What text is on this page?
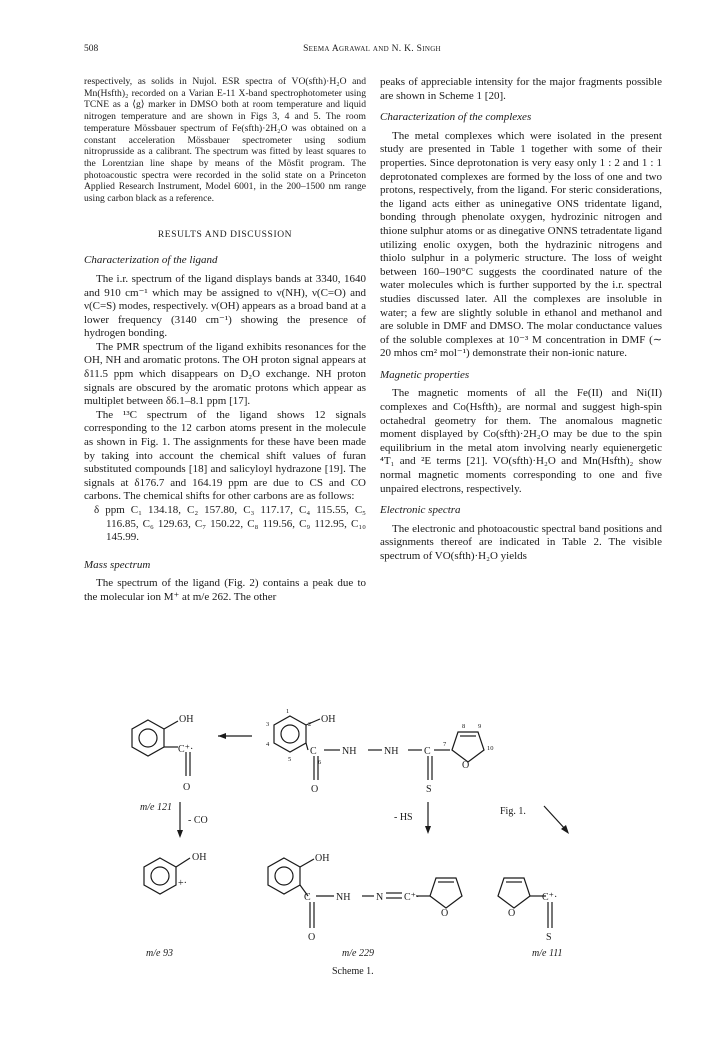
508	Seema Agrawal and N. K. Singh

respectively, as solids in Nujol. ESR spectra of VO(sfth)·H₂O and Mn(Hsfth)₂ recorded on a Varian E-11 X-band spectrophotometer using TCNE as a ⟨g⟩ marker in DMSO both at room temperature and liquid nitrogen temperature and are shown in Figs 3, 4 and 5. The room temperature Mössbauer spectrum of Fe(sfth)·2H₂O was obtained on a constant acceleration Mössbauer spectrometer using sodium nitroprusside as a calibrant. The spectrum was fitted by least squares to the Lorentzian line shape by means of the Mösfit program. The photoacoustic spectra were recorded in the solid state on a Princeton Applied Research Instrument, Model 6001, in the 200–1500 nm range using carbon black as a reference.

RESULTS AND DISCUSSION
Characterization of the ligand

The i.r. spectrum of the ligand displays bands at 3340, 1640 and 910 cm⁻¹ which may be assigned to ν(NH), ν(C=O) and ν(C=S) modes, respectively. ν(OH) appears as a broad band at a lower frequency (3140 cm⁻¹) showing the presence of hydrogen bonding.

The PMR spectrum of the ligand exhibits resonances for the OH, NH and aromatic protons. The OH proton signal appears at δ11.5 ppm which disappears on D₂O exchange. NH proton signals are obscured by the aromatic protons which appear as multiplet between δ6.1–8.1 ppm [17].

The ¹³C spectrum of the ligand shows 12 signals corresponding to the 12 carbon atoms present in the molecule as shown in Fig. 1. The assignments for these have been made by taking into account the chemical shift values of furan substituted compounds [18] and salicyloyl hydrazone [19]. The signals at δ176.7 and 164.19 ppm are due to CS and CO carbons. The chemical shifts for other carbons are as follows:

δ ppm C₁ 134.18, C₂ 157.80, C₃ 117.17, C₄ 115.55, C₅ 116.85, C₆ 129.63, C₇ 150.22, C₈ 119.56, C₉ 112.95, C₁₀ 145.99.

Mass spectrum

The spectrum of the ligand (Fig. 2) contains a peak due to the molecular ion M⁺ at m/e 262. The other

peaks of appreciable intensity for the major fragments possible are shown in Scheme 1 [20].

Characterization of the complexes

The metal complexes which were isolated in the present study are presented in Table 1 together with some of their properties. Since deprotonation is very easy only 1 : 2 and 1 : 1 deprotonated complexes are formed by the loss of one and two protons, respectively, from the ligand. For steric considerations, the ligand acts either as uninegative ONS tridentate ligand, bonding through phenolate oxygen, hydrozinic nitrogen and thione sulphur atoms or as dinegative ONNS tetradentate ligand utilizing enolic oxygen, both the hydrazinic nitrogens and thiolo sulphur in a polymeric structure. The loss of weight between 160–190°C suggests the coordinated nature of the water molecules which is further supported by the i.r. spectral studies discussed later. All the complexes are insoluble in water; a few are slightly soluble in ethanol and methanol and are soluble in DMF and DMSO. The molar conductance values of the soluble complexes at 10⁻³ M concentration in DMF (∼ 20 mhos cm² mol⁻¹) demonstrate their non-ionic nature.

Magnetic properties

The magnetic moments of all the Fe(II) and Ni(II) complexes and Co(Hsfth)₂ are normal and suggest high-spin octahedral geometry for them. The anomalous magnetic moment displayed by Co(sfth)·2H₂O may be due to the spin equilibrium in the metal atom involving nearly equienergetic ⁴T₁ and ²E terms [21]. VO(sfth)·H₂O and Mn(Hsfth)₂ show normal magnetic moments corresponding to one and five unpaired electrons, respectively.

Electronic spectra

The electronic and photoacoustic spectral band positions and assignments thereof are indicated in Table 2. The visible spectrum of VO(sfth)·H₂O yields

OH
C⁺·
O
m/e 121
OH
C	NH	NH	C
O	S
O
Fig. 1.
1
2
3
4
5	6
7
8 9
10
- CO	- HS
OH
+·
m/e 93
OH
C	NH	N C⁺·
O
O
m/e 229
O
C⁺·
S
m/e 111
Scheme 1.
